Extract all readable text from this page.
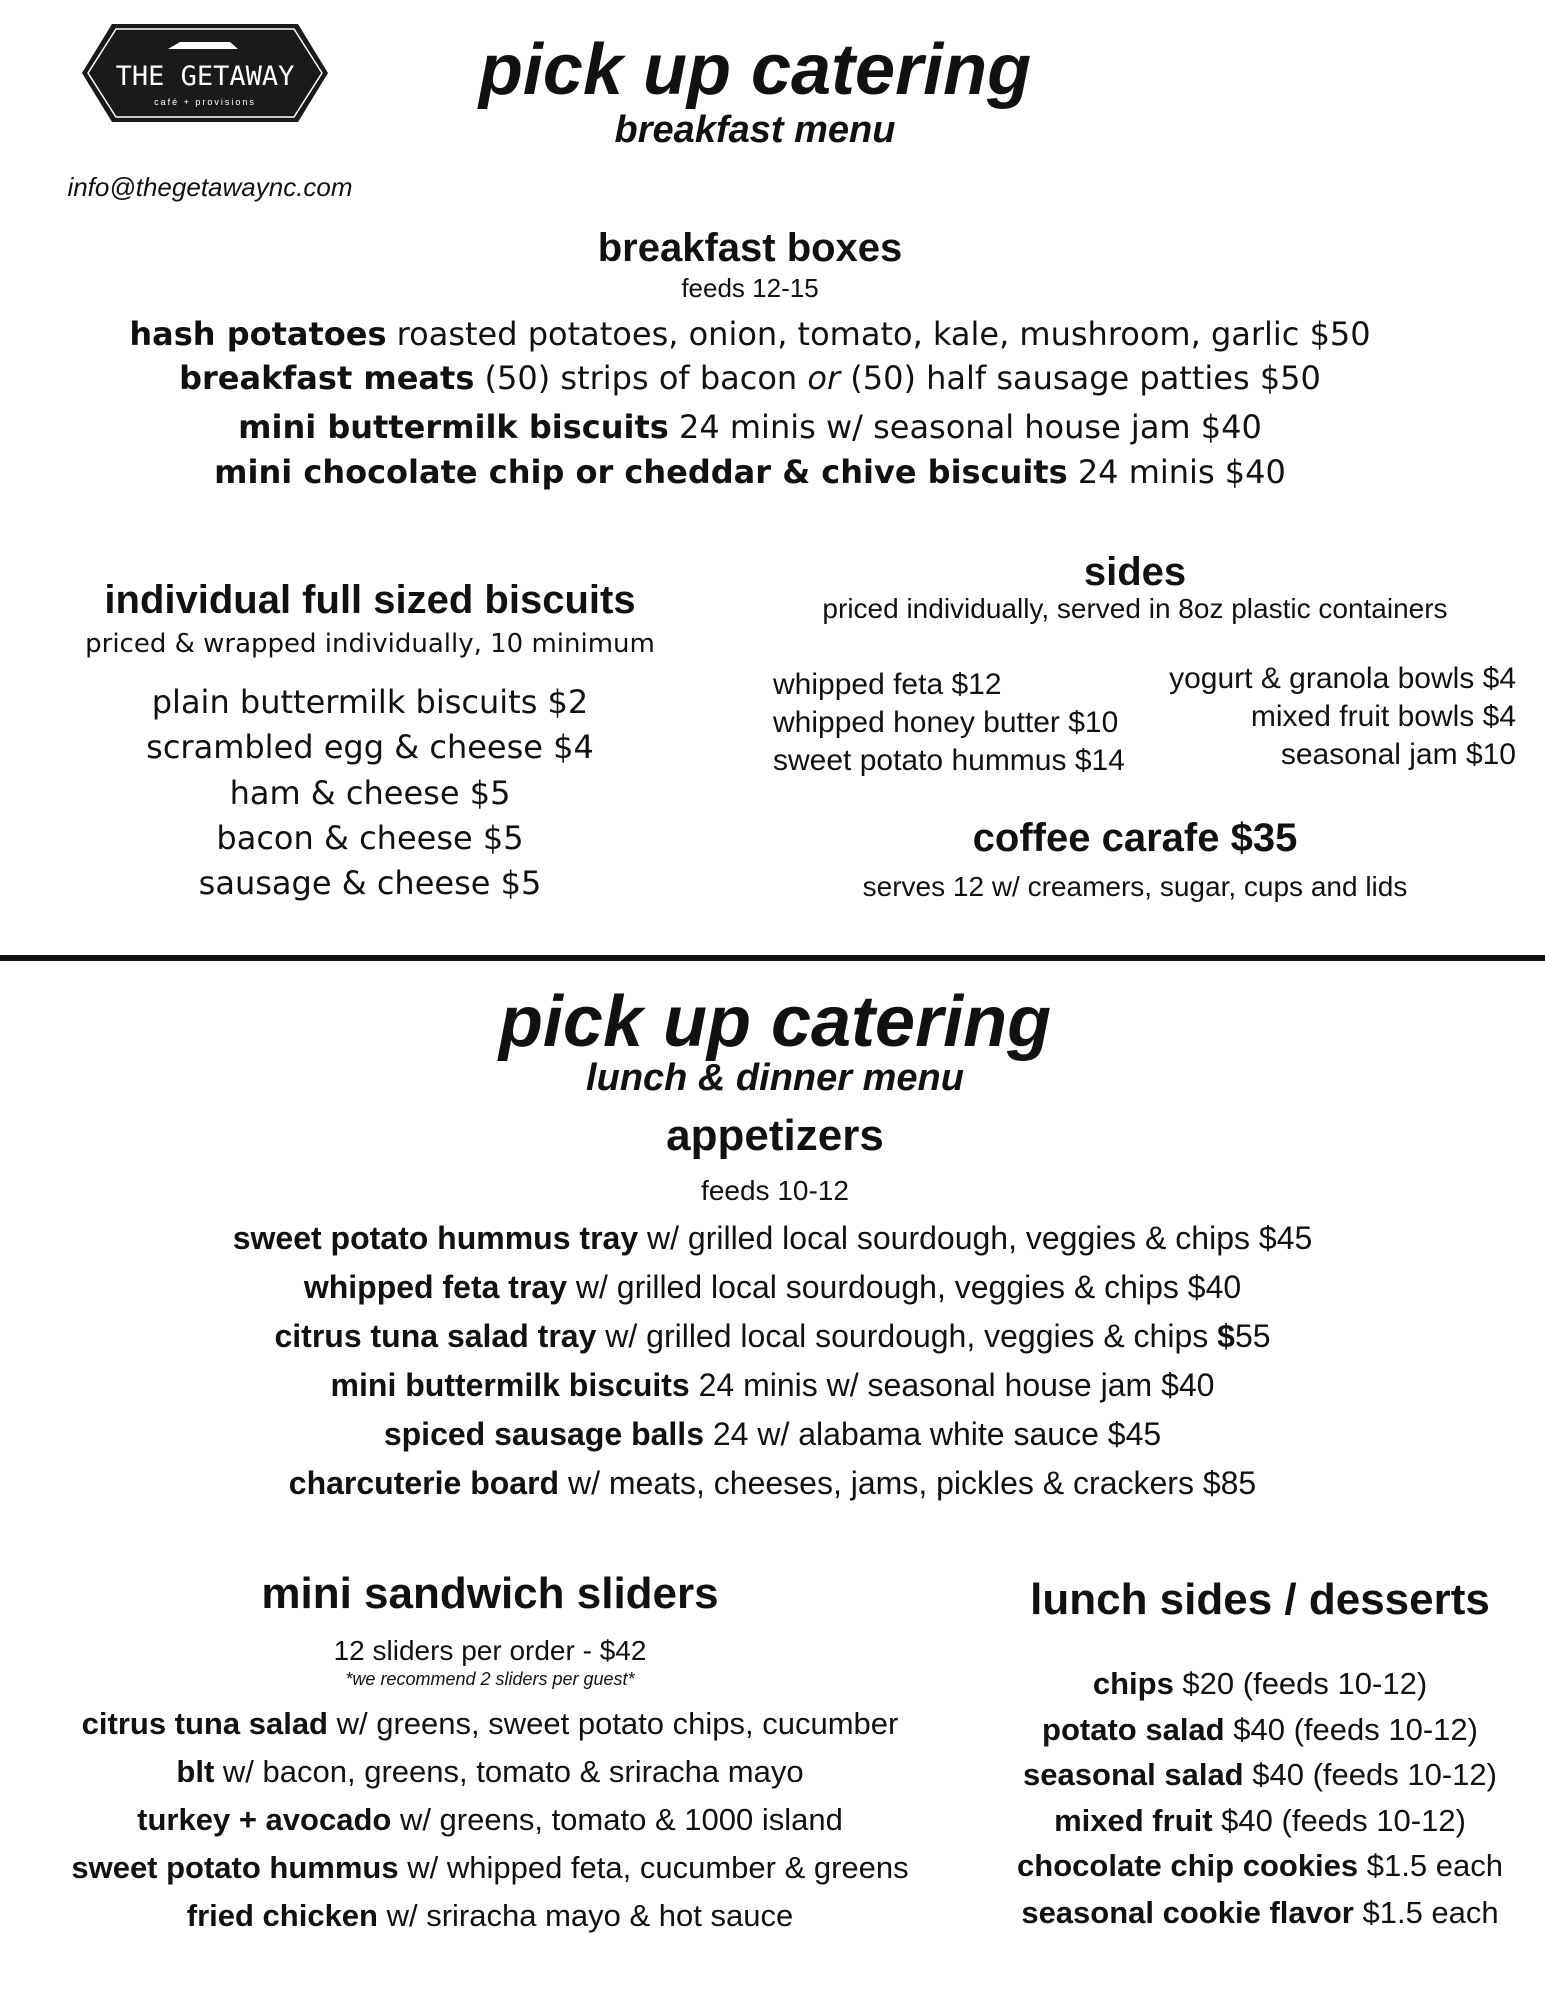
THE GETAWAY
café + provisions
info@thegetawaync.com
pick up catering
breakfast menu
breakfast boxes
feeds 12-15
hash potatoes roasted potatoes, onion, tomato, kale, mushroom, garlic $50
breakfast meats (50) strips of bacon or (50) half sausage patties $50
mini buttermilk biscuits 24 minis w/ seasonal house jam $40
mini chocolate chip or cheddar & chive biscuits 24 minis $40
individual full sized biscuits
priced & wrapped individually, 10 minimum
plain buttermilk biscuits $2
scrambled egg & cheese $4
ham & cheese $5
bacon & cheese $5
sausage & cheese $5
sides
priced individually, served in 8oz plastic containers
whipped feta $12
whipped honey butter $10
sweet potato hummus $14
yogurt & granola bowls $4
mixed fruit bowls $4
seasonal jam $10
coffee carafe $35
serves 12 w/ creamers, sugar, cups and lids
pick up catering
lunch & dinner menu
appetizers
feeds 10-12
sweet potato hummus tray w/ grilled local sourdough, veggies & chips $45
whipped feta tray w/ grilled local sourdough, veggies & chips $40
citrus tuna salad tray w/ grilled local sourdough, veggies & chips $55
mini buttermilk biscuits 24 minis w/ seasonal house jam $40
spiced sausage balls 24 w/ alabama white sauce $45
charcuterie board w/ meats, cheeses, jams, pickles & crackers $85
mini sandwich sliders
12 sliders per order - $42
*we recommend 2 sliders per guest*
citrus tuna salad w/ greens, sweet potato chips, cucumber
blt w/ bacon, greens, tomato & sriracha mayo
turkey + avocado w/ greens, tomato & 1000 island
sweet potato hummus w/ whipped feta, cucumber & greens
fried chicken w/ sriracha mayo & hot sauce
lunch sides / desserts
chips $20 (feeds 10-12)
potato salad $40 (feeds 10-12)
seasonal salad $40 (feeds 10-12)
mixed fruit $40 (feeds 10-12)
chocolate chip cookies $1.5 each
seasonal cookie flavor $1.5 each
